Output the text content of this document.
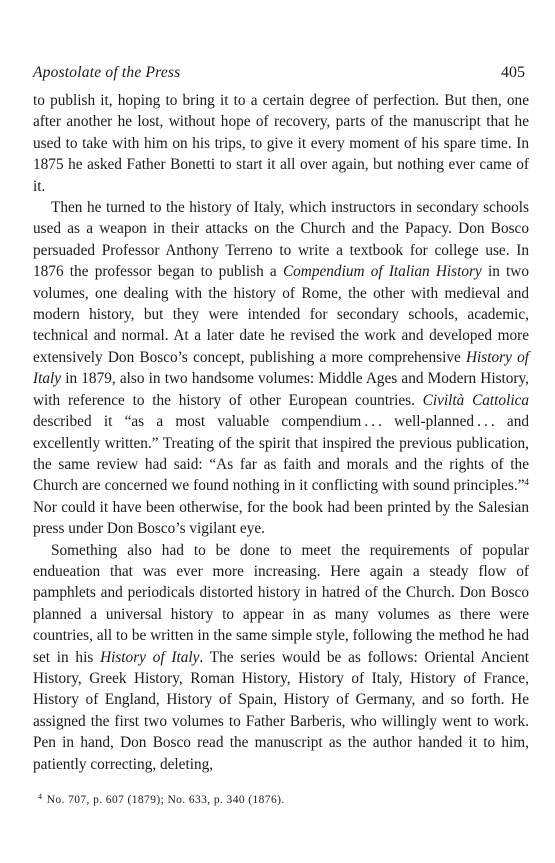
Apostolate of the Press	405

to publish it, hoping to bring it to a certain degree of perfection. But then, one after another he lost, without hope of recovery, parts of the manuscript that he used to take with him on his trips, to give it every moment of his spare time. In 1875 he asked Father Bonetti to start it all over again, but nothing ever came of it.

Then he turned to the history of Italy, which instructors in secondary schools used as a weapon in their attacks on the Church and the Papacy. Don Bosco persuaded Professor Anthony Terreno to write a textbook for college use. In 1876 the professor began to publish a Compendium of Italian History in two volumes, one dealing with the history of Rome, the other with medieval and modern history, but they were intended for secondary schools, academic, technical and normal. At a later date he revised the work and developed more extensively Don Bosco’s concept, publishing a more comprehensive History of Italy in 1879, also in two handsome volumes: Middle Ages and Modern History, with reference to the history of other European countries. Civiltà Cattolica described it “as a most valuable compendium . . . well-planned . . . and excellently written.” Treating of the spirit that inspired the previous publication, the same review had said: “As far as faith and morals and the rights of the Church are concerned we found nothing in it conflicting with sound principles.”$^4$ Nor could it have been otherwise, for the book had been printed by the Salesian press under Don Bosco’s vigilant eye.

Something also had to be done to meet the requirements of popular endueation that was ever more increasing. Here again a steady flow of pamphlets and periodicals distorted history in hatred of the Church. Don Bosco planned a universal history to appear in as many volumes as there were countries, all to be written in the same simple style, following the method he had set in his History of Italy. The series would be as follows: Oriental Ancient History, Greek History, Roman History, History of Italy, History of France, History of England, History of Spain, History of Germany, and so forth. He assigned the first two volumes to Father Barberis, who willingly went to work. Pen in hand, Don Bosco read the manuscript as the author handed it to him, patiently correcting, deleting,

$^4$ No. 707, p. 607 (1879); No. 633, p. 340 (1876).
